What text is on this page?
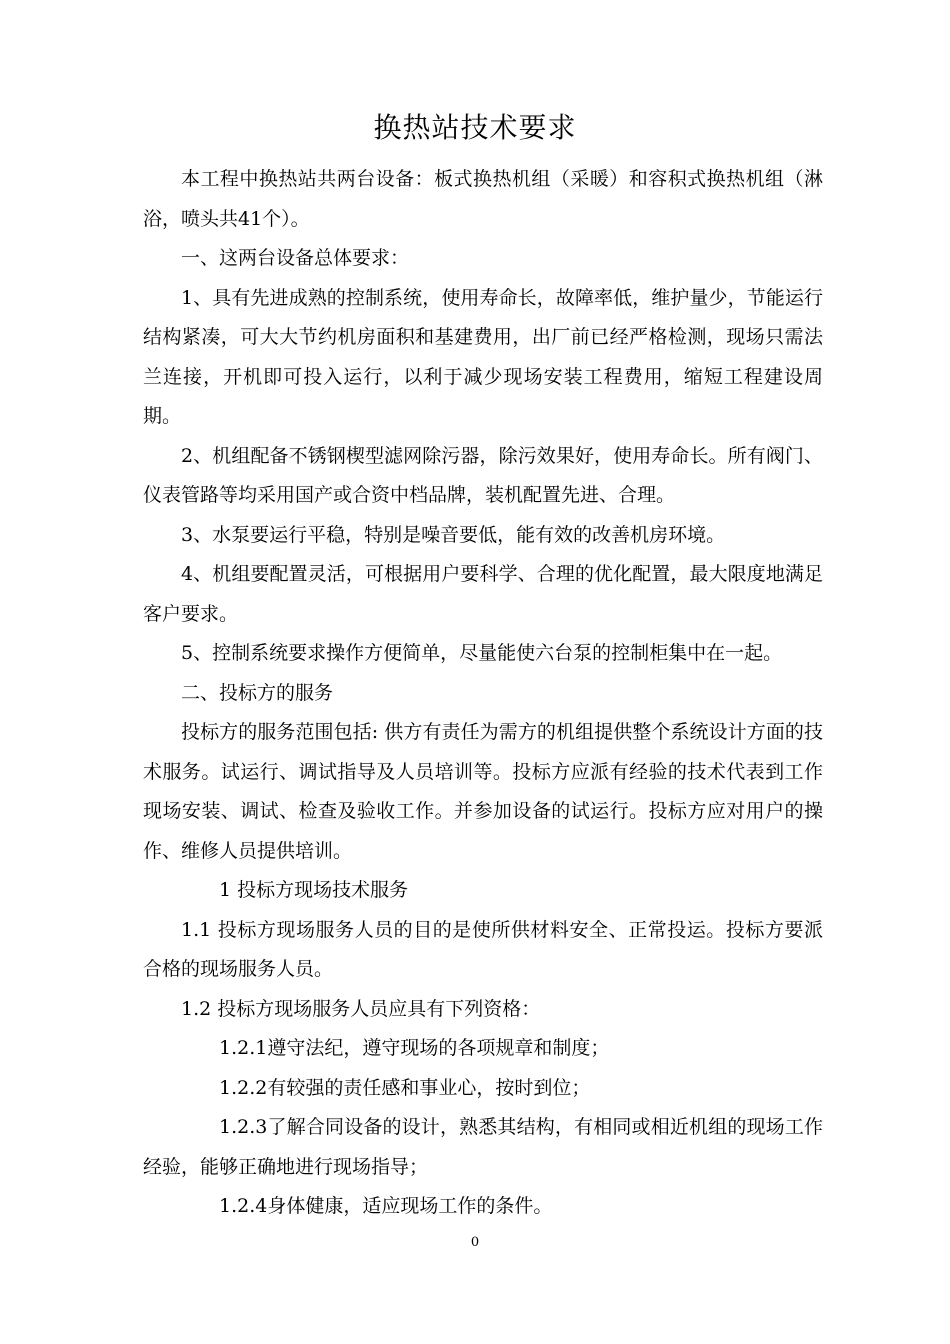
换热站技术要求

本工程中换热站共两台设备：板式换热机组（采暖）和容积式换热机组（淋浴，喷头共41个）。

一、这两台设备总体要求：

1、具有先进成熟的控制系统，使用寿命长，故障率低，维护量少，节能运行结构紧凑，可大大节约机房面积和基建费用，出厂前已经严格检测，现场只需法兰连接，开机即可投入运行，以利于减少现场安装工程费用，缩短工程建设周期。

2、机组配备不锈钢楔型滤网除污器，除污效果好，使用寿命长。所有阀门、仪表管路等均采用国产或合资中档品牌，装机配置先进、合理。

3、水泵要运行平稳，特别是噪音要低，能有效的改善机房环境。

4、机组要配置灵活，可根据用户要科学、合理的优化配置，最大限度地满足客户要求。

5、控制系统要求操作方便简单，尽量能使六台泵的控制柜集中在一起。

二、投标方的服务

投标方的服务范围包括: 供方有责任为需方的机组提供整个系统设计方面的技术服务。试运行、调试指导及人员培训等。投标方应派有经验的技术代表到工作现场安装、调试、检查及验收工作。并参加设备的试运行。投标方应对用户的操作、维修人员提供培训。

1 投标方现场技术服务

1.1 投标方现场服务人员的目的是使所供材料安全、正常投运。投标方要派合格的现场服务人员。

1.2 投标方现场服务人员应具有下列资格：

1.2.1遵守法纪，遵守现场的各项规章和制度；

1.2.2有较强的责任感和事业心，按时到位；

1.2.3了解合同设备的设计，熟悉其结构，有相同或相近机组的现场工作经验，能够正确地进行现场指导；

1.2.4身体健康，适应现场工作的条件。

0
